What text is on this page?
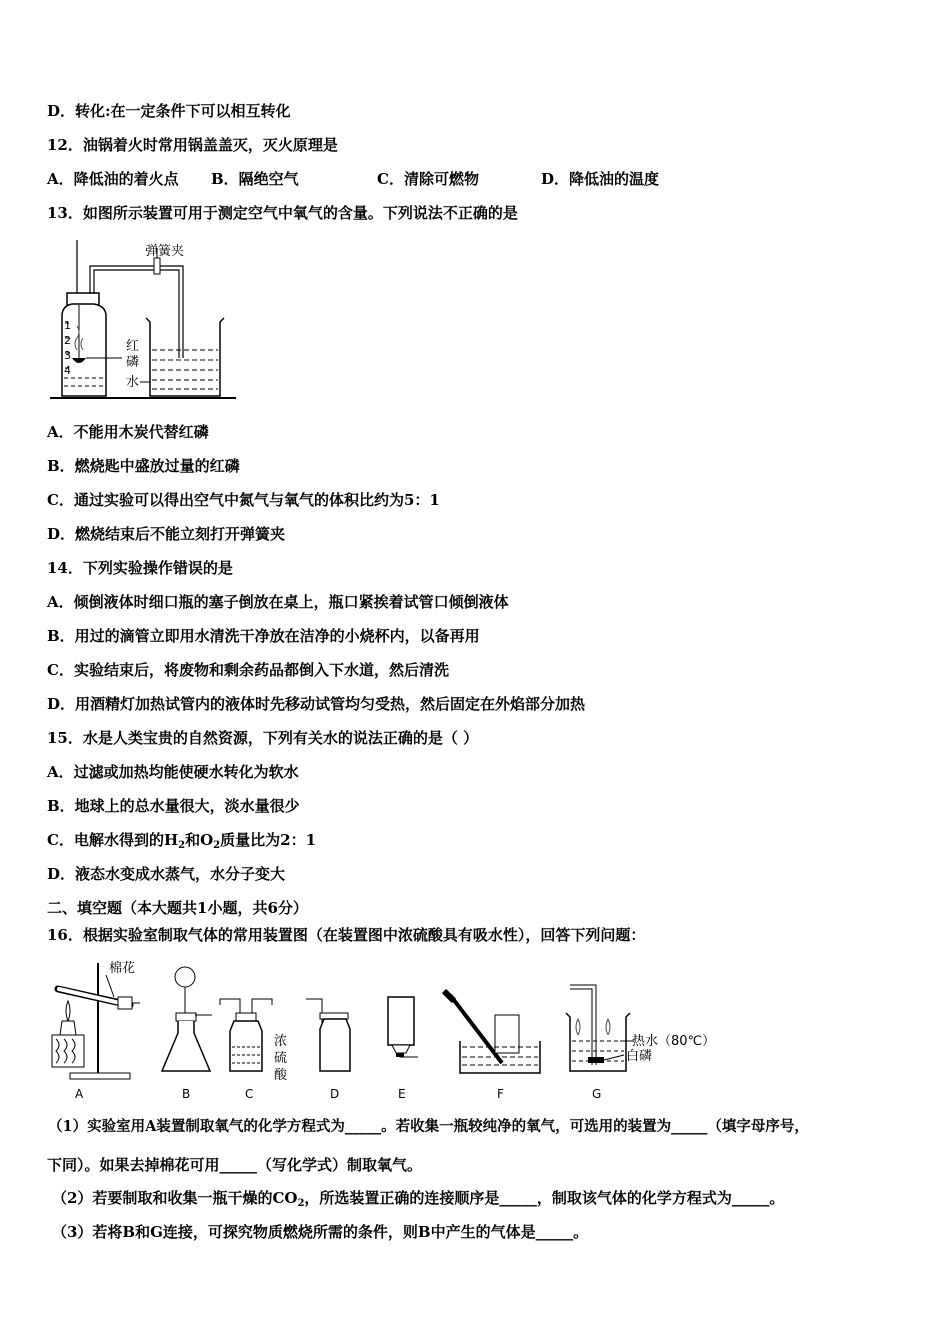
D．转化:在一定条件下可以相互转化
12．油锅着火时常用锅盖盖灭，灭火原理是
A．降低油的着火点 B．隔绝空气	C．清除可燃物	D．降低油的温度
13．如图所示装置可用于测定空气中氧气的含量。下列说法不正确的是
1
2
3
4
弹簧夹
红
磷
水
A．不能用木炭代替红磷
B．燃烧匙中盛放过量的红磷
C．通过实验可以得出空气中氮气与氧气的体积比约为5：1
D．燃烧结束后不能立刻打开弹簧夹
14．下列实验操作错误的是
A．倾倒液体时细口瓶的塞子倒放在桌上，瓶口紧挨着试管口倾倒液体
B．用过的滴管立即用水清洗干净放在洁净的小烧杯内，以备再用
C．实验结束后，将废物和剩余药品都倒入下水道，然后清洗
D．用酒精灯加热试管内的液体时先移动试管均匀受热，然后固定在外焰部分加热
15．水是人类宝贵的自然资源，下列有关水的说法正确的是（ ）
A．过滤或加热均能使硬水转化为软水
B．地球上的总水量很大，淡水量很少
C．电解水得到的$H_2$和$O_2$质量比为2：1
D．液态水变成水蒸气，水分子变大
二、填空题（本大题共1小题，共6分）
16．根据实验室制取气体的常用装置图（在装置图中浓硫酸具有吸水性），回答下列问题：
棉花
浓
硫
酸
热水（80℃）
白磷
A	B	C	D	E	F	G
（1）实验室用A装置制取氧气的化学方程式为_____。若收集一瓶较纯净的氧气，可选用的装置为_____（填字母序号，
下同）。如果去掉棉花可用_____（写化学式）制取氧气。
（2）若要制取和收集一瓶干燥的$CO_2$，所选装置正确的连接顺序是_____，制取该气体的化学方程式为_____。
（3）若将B和G连接，可探究物质燃烧所需的条件，则B中产生的气体是_____。
